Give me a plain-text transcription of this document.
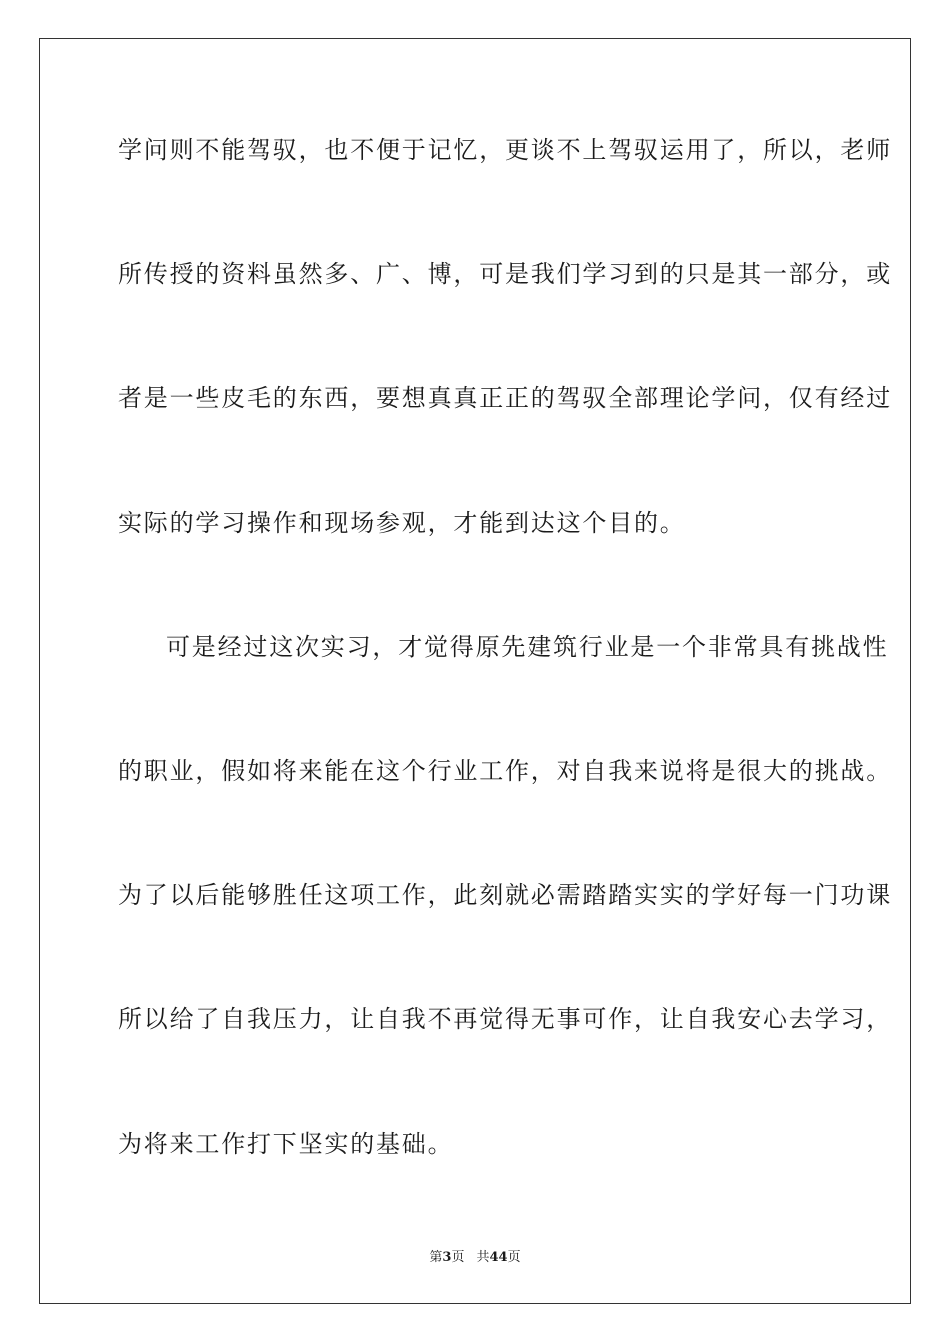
学问则不能驾驭，也不便于记忆，更谈不上驾驭运用了，所以，老师
所传授的资料虽然多、广、博，可是我们学习到的只是其一部分，或
者是一些皮毛的东西，要想真真正正的驾驭全部理论学问，仅有经过
实际的学习操作和现场参观，才能到达这个目的。
可是经过这次实习，才觉得原先建筑行业是一个非常具有挑战性
的职业，假如将来能在这个行业工作，对自我来说将是很大的挑战。
为了以后能够胜任这项工作，此刻就必需踏踏实实的学好每一门功课
所以给了自我压力，让自我不再觉得无事可作，让自我安心去学习，
为将来工作打下坚实的基础。
第3页 共44页
